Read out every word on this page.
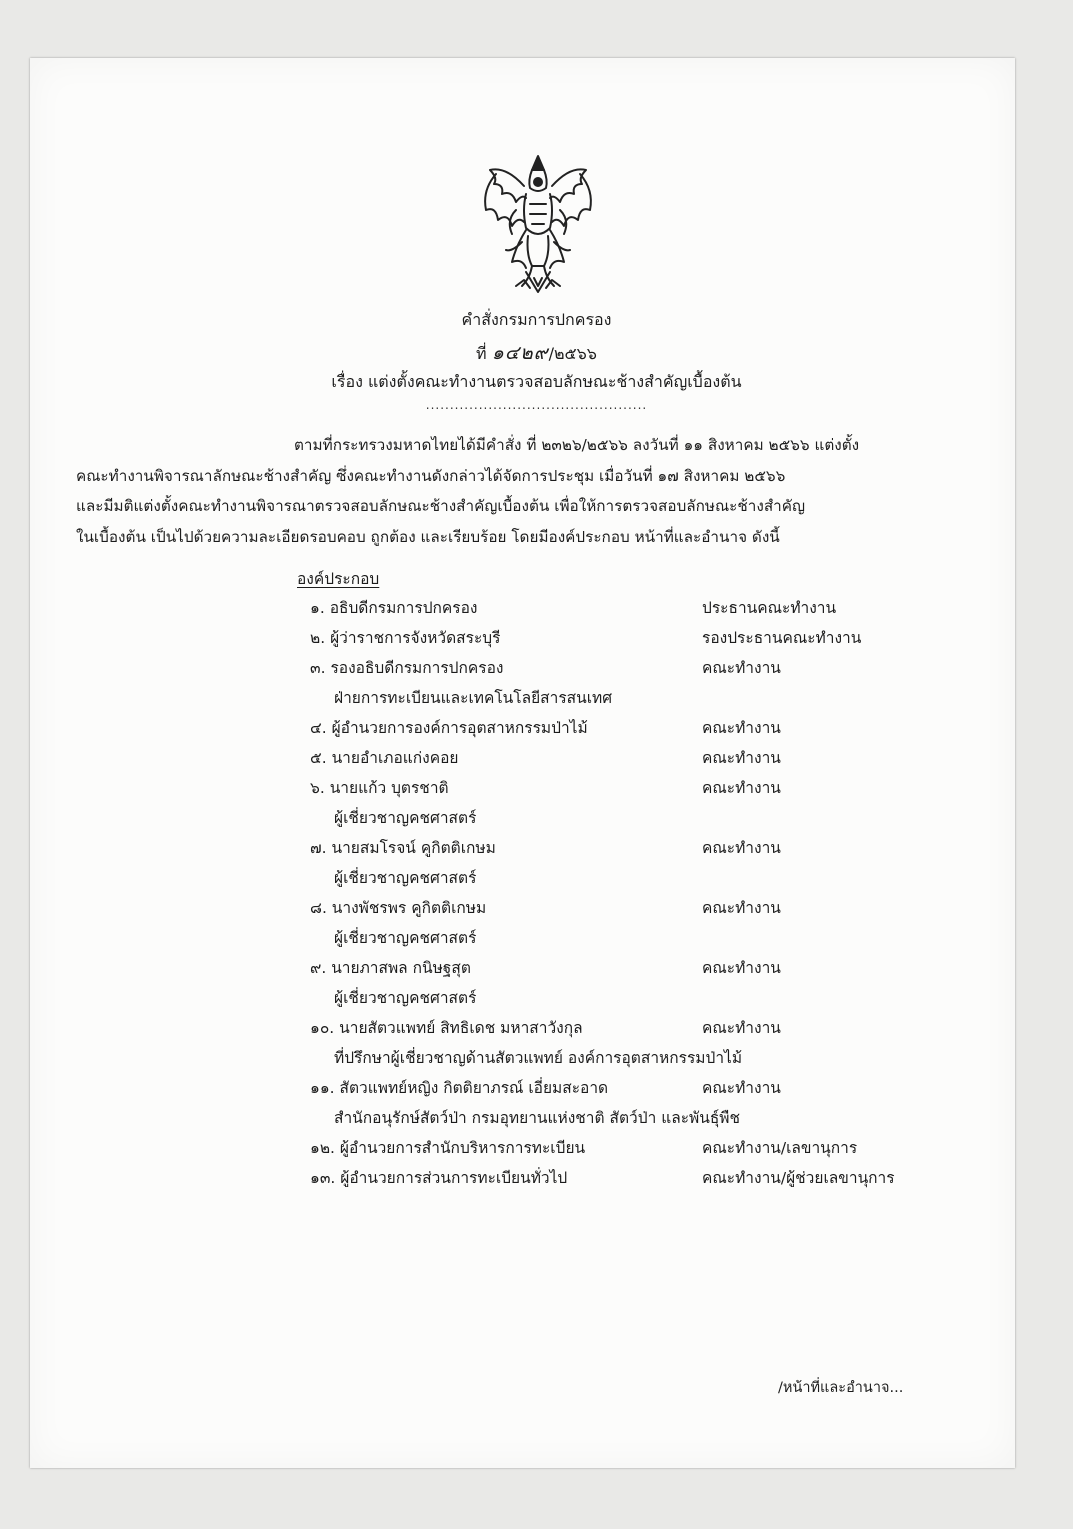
คำสั่งกรมการปกครอง
ที่ ๑๔๒๙/๒๕๖๖
เรื่อง แต่งตั้งคณะทำงานตรวจสอบลักษณะช้างสำคัญเบื้องต้น
..............................................
ตามที่กระทรวงมหาดไทยได้มีคำสั่ง ที่ ๒๓๒๖/๒๕๖๖ ลงวันที่ ๑๑ สิงหาคม ๒๕๖๖ แต่งตั้ง
คณะทำงานพิจารณาลักษณะช้างสำคัญ ซึ่งคณะทำงานดังกล่าวได้จัดการประชุม เมื่อวันที่ ๑๗ สิงหาคม ๒๕๖๖
และมีมติแต่งตั้งคณะทำงานพิจารณาตรวจสอบลักษณะช้างสำคัญเบื้องต้น เพื่อให้การตรวจสอบลักษณะช้างสำคัญ
ในเบื้องต้น เป็นไปด้วยความละเอียดรอบคอบ ถูกต้อง และเรียบร้อย โดยมีองค์ประกอบ หน้าที่และอำนาจ ดังนี้
องค์ประกอบ
๑. อธิบดีกรมการปกครอง	ประธานคณะทำงาน
๒. ผู้ว่าราชการจังหวัดสระบุรี	รองประธานคณะทำงาน
๓. รองอธิบดีกรมการปกครอง	คณะทำงาน
ฝ่ายการทะเบียนและเทคโนโลยีสารสนเทศ
๔. ผู้อำนวยการองค์การอุตสาหกรรมป่าไม้	คณะทำงาน
๕. นายอำเภอแก่งคอย	คณะทำงาน
๖. นายแก้ว บุตรชาติ	คณะทำงาน
ผู้เชี่ยวชาญคชศาสตร์
๗. นายสมโรจน์ คูกิตติเกษม	คณะทำงาน
ผู้เชี่ยวชาญคชศาสตร์
๘. นางพัชรพร คูกิตติเกษม	คณะทำงาน
ผู้เชี่ยวชาญคชศาสตร์
๙. นายภาสพล กนิษฐสุต	คณะทำงาน
ผู้เชี่ยวชาญคชศาสตร์
๑๐. นายสัตวแพทย์ สิทธิเดช มหาสาวังกุล	คณะทำงาน
ที่ปรึกษาผู้เชี่ยวชาญด้านสัตวแพทย์ องค์การอุตสาหกรรมป่าไม้
๑๑. สัตวแพทย์หญิง กิตติยาภรณ์ เอี่ยมสะอาด	คณะทำงาน
สำนักอนุรักษ์สัตว์ป่า กรมอุทยานแห่งชาติ สัตว์ป่า และพันธุ์พืช
๑๒. ผู้อำนวยการสำนักบริหารการทะเบียน	คณะทำงาน/เลขานุการ
๑๓. ผู้อำนวยการส่วนการทะเบียนทั่วไป	คณะทำงาน/ผู้ช่วยเลขานุการ
/หน้าที่และอำนาจ...
